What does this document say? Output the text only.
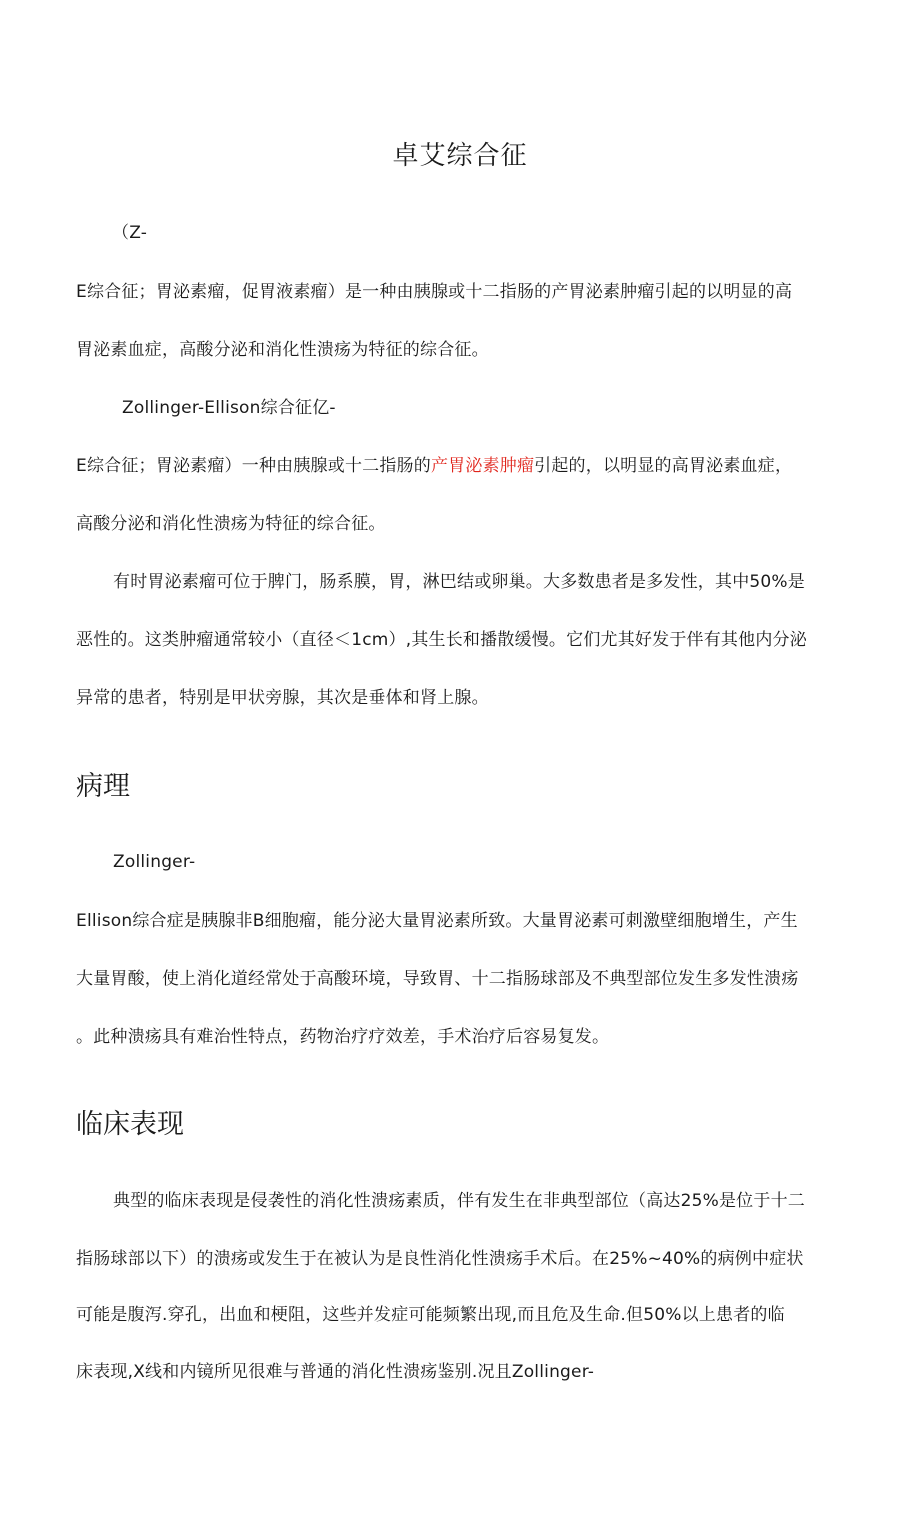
卓艾综合征
（Z-
E综合征；胃泌素瘤，促胃液素瘤）是一种由胰腺或十二指肠的产胃泌素肿瘤引起的以明显的高
胃泌素血症，高酸分泌和消化性溃疡为特征的综合征。
Zollinger-Ellison综合征亿-
E综合征；胃泌素瘤）一种由胰腺或十二指肠的产胃泌素肿瘤引起的，以明显的高胃泌素血症，
高酸分泌和消化性溃疡为特征的综合征。
有时胃泌素瘤可位于脾门，肠系膜，胃，淋巴结或卵巢。大多数患者是多发性，其中50%是
恶性的。这类肿瘤通常较小（直径＜1cm）,其生长和播散缓慢。它们尤其好发于伴有其他内分泌
异常的患者，特别是甲状旁腺，其次是垂体和肾上腺。
病理
Zollinger-
Ellison综合症是胰腺非B细胞瘤，能分泌大量胃泌素所致。大量胃泌素可刺激壁细胞增生，产生
大量胃酸，使上消化道经常处于高酸环境，导致胃、十二指肠球部及不典型部位发生多发性溃疡
。此种溃疡具有难治性特点，药物治疗疗效差，手术治疗后容易复发。
临床表现
典型的临床表现是侵袭性的消化性溃疡素质，伴有发生在非典型部位（高达25%是位于十二
指肠球部以下）的溃疡或发生于在被认为是良性消化性溃疡手术后。在25%~40%的病例中症状
可能是腹泻.穿孔，出血和梗阻，这些并发症可能频繁出现,而且危及生命.但50%以上患者的临
床表现,X线和内镜所见很难与普通的消化性溃疡鉴别.况且Zollinger-
